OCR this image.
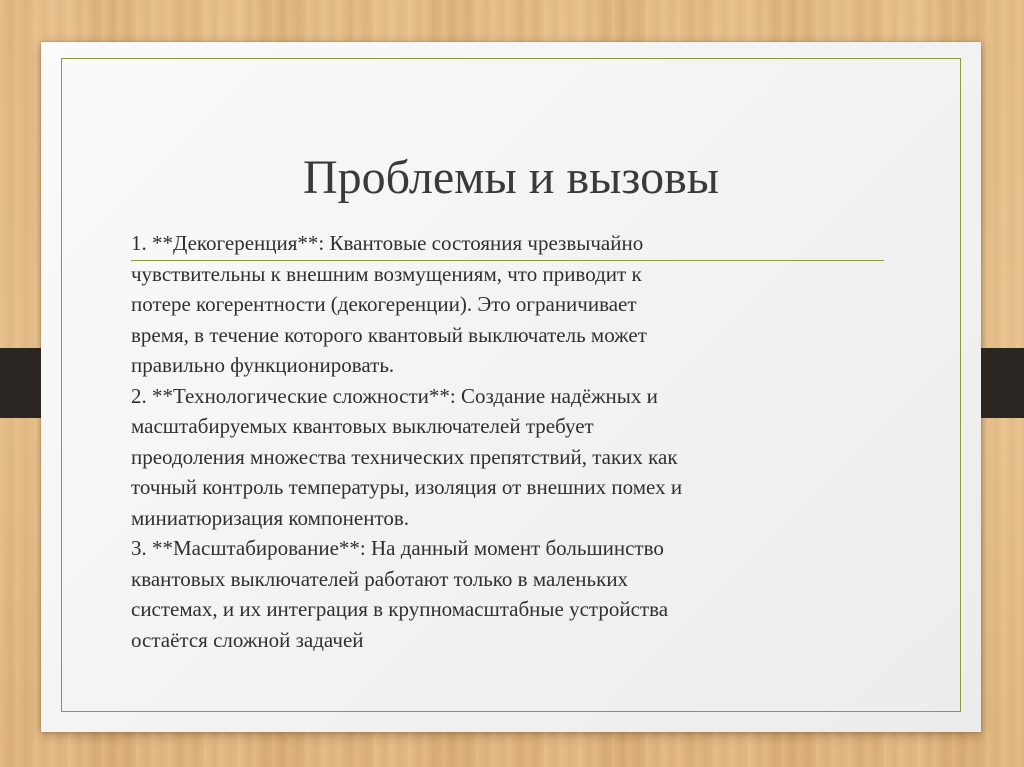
Проблемы и вызовы
1. **Декогеренция**: Квантовые состояния чрезвычайно
чувствительны к внешним возмущениям, что приводит к
потере когерентности (декогеренции). Это ограничивает
время, в течение которого квантовый выключатель может
правильно функционировать.
2. **Технологические сложности**: Создание надёжных и
масштабируемых квантовых выключателей требует
преодоления множества технических препятствий, таких как
точный контроль температуры, изоляция от внешних помех и
миниатюризация компонентов.
3. **Масштабирование**: На данный момент большинство
квантовых выключателей работают только в маленьких
системах, и их интеграция в крупномасштабные устройства
остаётся сложной задачей
